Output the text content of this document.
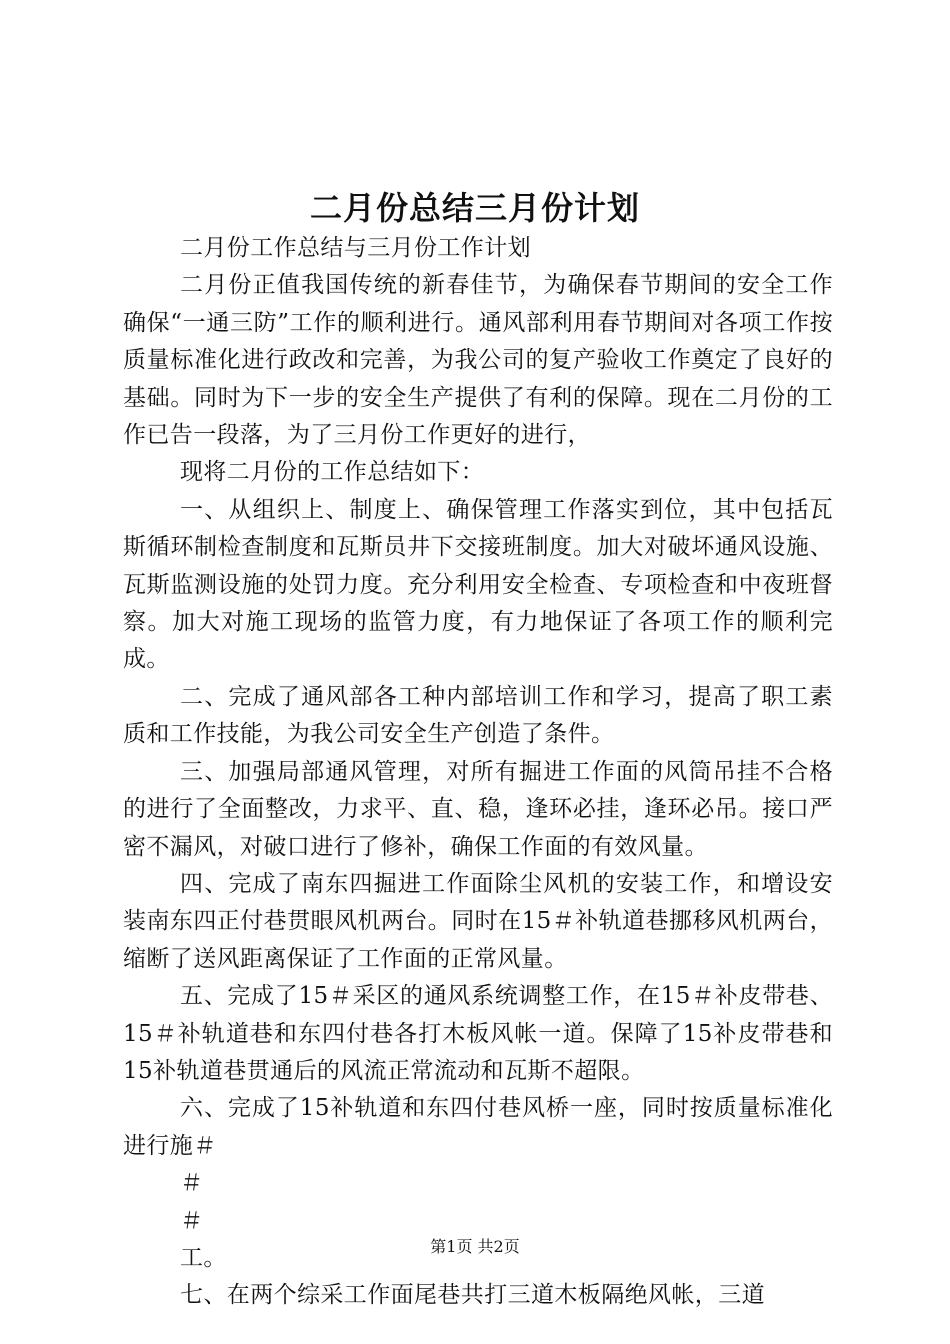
二月份总结三月份计划

二月份工作总结与三月份工作计划

二月份正值我国传统的新春佳节，为确保春节期间的安全工作确保“一通三防”工作的顺利进行。通风部利用春节期间对各项工作按质量标准化进行政改和完善，为我公司的复产验收工作奠定了良好的基础。同时为下一步的安全生产提供了有利的保障。现在二月份的工作已告一段落，为了三月份工作更好的进行，

现将二月份的工作总结如下：

一、从组织上、制度上、确保管理工作落实到位，其中包括瓦斯循环制检查制度和瓦斯员井下交接班制度。加大对破坏通风设施、瓦斯监测设施的处罚力度。充分利用安全检查、专项检查和中夜班督察。加大对施工现场的监管力度，有力地保证了各项工作的顺利完成。

二、完成了通风部各工种内部培训工作和学习，提高了职工素质和工作技能，为我公司安全生产创造了条件。

三、加强局部通风管理，对所有掘进工作面的风筒吊挂不合格的进行了全面整改，力求平、直、稳，逢环必挂，逢环必吊。接口严密不漏风，对破口进行了修补，确保工作面的有效风量。

四、完成了南东四掘进工作面除尘风机的安装工作，和增设安装南东四正付巷贯眼风机两台。同时在15＃补轨道巷挪移风机两台，缩断了送风距离保证了工作面的正常风量。

五、完成了15＃采区的通风系统调整工作，在15＃补皮带巷、15＃补轨道巷和东四付巷各打木板风帐一道。保障了15补皮带巷和15补轨道巷贯通后的风流正常流动和瓦斯不超限。

六、完成了15补轨道和东四付巷风桥一座，同时按质量标准化进行施＃

＃

＃

工。

七、在两个综采工作面尾巷共打三道木板隔绝风帐，三道

第1页 共2页
